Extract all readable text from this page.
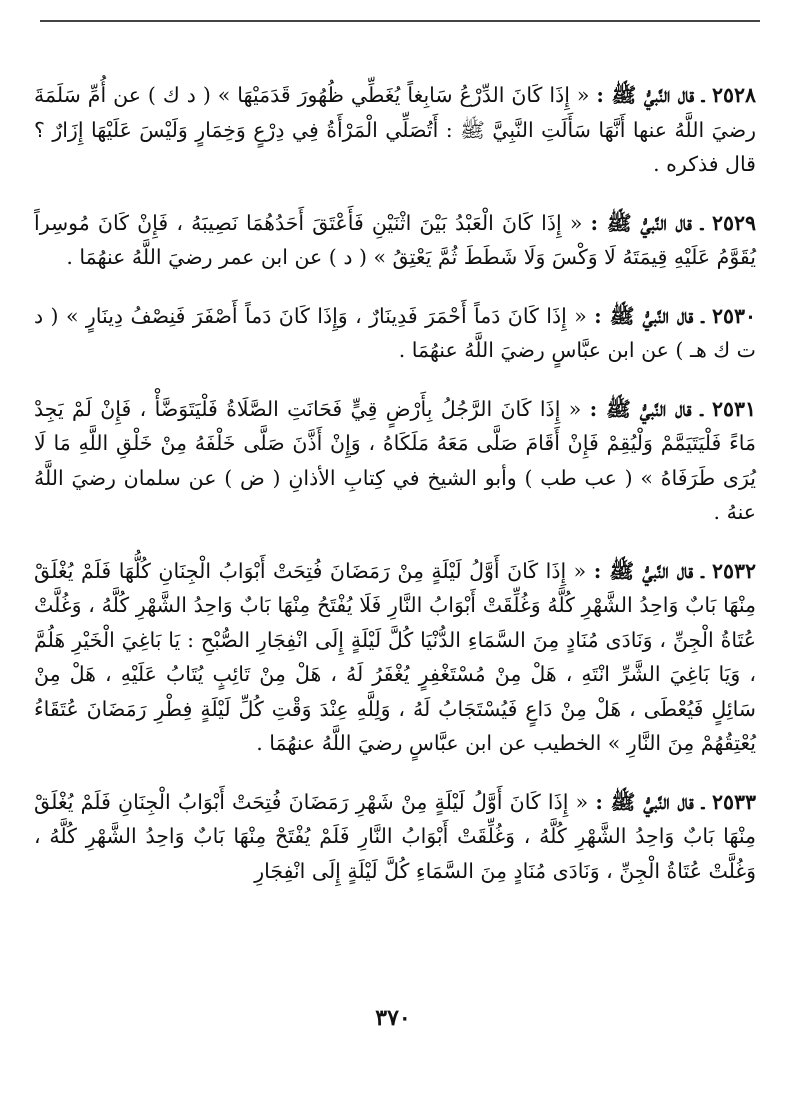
٢٥٢٨ ـ قال النَّبيُّ ﷺ : « إِذَا كَانَ الدِّرْعُ سَابِغاً يُغَطِّي ظُهُورَ قَدَمَيْهَا » ( د ك ) عن أُمِّ سَلَمَةَ رضيَ اللَّهُ عنها أَنَّهَا سَأَلَتِ النَّبِيَّ ﷺ : أَتُصَلِّي الْمَرْأَةُ فِي دِرْعٍ وَخِمَارٍ وَلَيْسَ عَلَيْهَا إِزَارٌ ؟ قال فذكره .

٢٥٢٩ ـ قال النَّبيُّ ﷺ : « إِذَا كَانَ الْعَبْدُ بَيْنَ اثْنَيْنِ فَأَعْتَقَ أَحَدُهُمَا نَصِيبَهُ ، فَإِنْ كَانَ مُوسِراً يُقَوَّمُ عَلَيْهِ قِيمَتَهُ لَا وَكْسَ وَلَا شَطَطَ ثُمَّ يَعْتِقُ » ( د ) عن ابن عمر رضيَ اللَّهُ عنهُمَا .

٢٥٣٠ ـ قال النَّبيُّ ﷺ : « إِذَا كَانَ دَماً أَحْمَرَ فَدِينَارٌ ، وَإِذَا كَانَ دَماً أَصْفَرَ فَنِصْفُ دِينَارٍ » ( د ت ك هـ ) عن ابن عبَّاسٍ رضيَ اللَّهُ عنهُمَا .

٢٥٣١ ـ قال النَّبيُّ ﷺ : « إِذَا كَانَ الرَّجُلُ بِأَرْضٍ قِيٍّ فَحَانَتِ الصَّلَاةُ فَلْيَتَوَضَّأْ ، فَإِنْ لَمْ يَجِدْ مَاءً فَلْيَتَيَمَّمْ وَلْيُقِمْ فَإِنْ أَقَامَ صَلَّى مَعَهُ مَلَكَاهُ ، وَإِنْ أَذَّنَ صَلَّى خَلْفَهُ مِنْ خَلْقِ اللَّهِ مَا لَا يُرَى طَرَفَاهُ » ( عب طب ) وأبو الشيخ في كِتابِ الأذانِ ( ض ) عن سلمان رضيَ اللَّهُ عنهُ .

٢٥٣٢ ـ قال النَّبيُّ ﷺ : « إِذَا كَانَ أَوَّلُ لَيْلَةٍ مِنْ رَمَضَانَ فُتِحَتْ أَبْوَابُ الْجِنَانِ كُلُّهَا فَلَمْ يُغْلَقْ مِنْهَا بَابٌ وَاحِدُ الشَّهْرِ كُلَّهُ وَغُلِّقَتْ أَبْوَابُ النَّارِ فَلَا يُفْتَحُ مِنْهَا بَابٌ وَاحِدُ الشَّهْرِ كُلَّهُ ، وَغُلَّتْ عُتَاةُ الْجِنِّ ، وَنَادَى مُنَادٍ مِنَ السَّمَاءِ الدُّنْيَا كُلَّ لَيْلَةٍ إِلَى انْفِجَارِ الصُّبْحِ : يَا بَاغِيَ الْخَيْرِ هَلُمَّ ، وَيَا بَاغِيَ الشَّرِّ انْتَهِ ، هَلْ مِنْ مُسْتَغْفِرٍ يُغْفَرُ لَهُ ، هَلْ مِنْ تَائِبٍ يُتَابُ عَلَيْهِ ، هَلْ مِنْ سَائِلٍ فَيُعْطَى ، هَلْ مِنْ دَاعٍ فَيُسْتَجَابُ لَهُ ، وَلِلَّهِ عِنْدَ وَقْتِ كُلِّ لَيْلَةٍ فِطْرِ رَمَضَانَ عُتَقَاءُ يُعْتِقُهُمْ مِنَ النَّارِ » الخطيب عن ابن عبَّاسٍ رضيَ اللَّهُ عنهُمَا .

٢٥٣٣ ـ قال النَّبيُّ ﷺ : « إِذَا كَانَ أَوَّلُ لَيْلَةٍ مِنْ شَهْرِ رَمَضَانَ فُتِحَتْ أَبْوَابُ الْجِنَانِ فَلَمْ يُغْلَقْ مِنْهَا بَابٌ وَاحِدُ الشَّهْرِ كُلَّهُ ، وَغُلِّقَتْ أَبْوَابُ النَّارِ فَلَمْ يُفْتَحْ مِنْهَا بَابٌ وَاحِدُ الشَّهْرِ كُلَّهُ ، وَغُلَّتْ عُتَاةُ الْجِنِّ ، وَنَادَى مُنَادٍ مِنَ السَّمَاءِ كُلَّ لَيْلَةٍ إِلَى انْفِجَارِ

٣٧٠
